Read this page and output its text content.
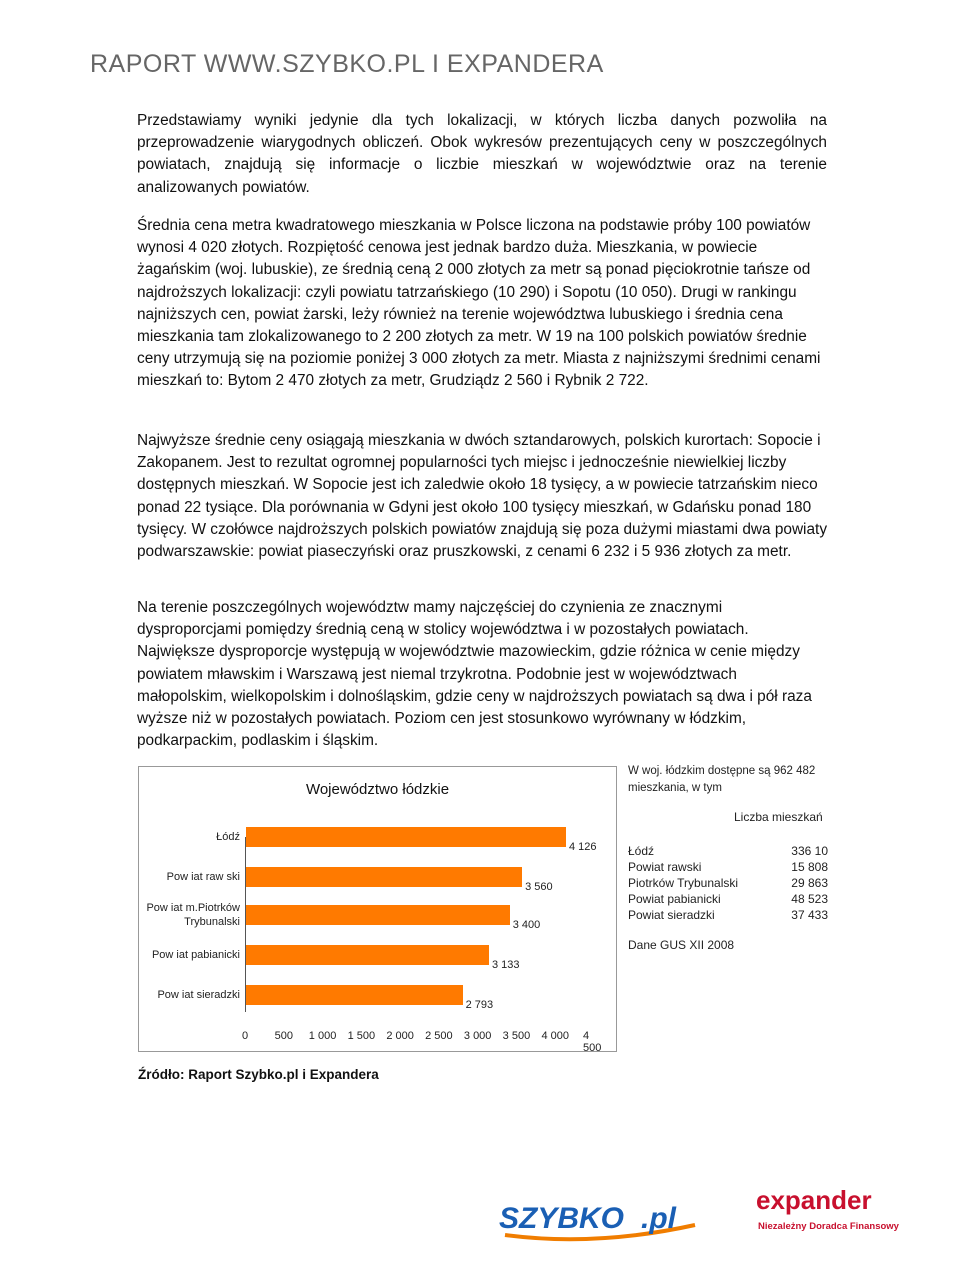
RAPORT WWW.SZYBKO.PL I EXPANDERA

Przedstawiamy wyniki jedynie dla tych lokalizacji, w których liczba danych pozwoliła na przeprowadzenie wiarygodnych obliczeń. Obok wykresów prezentujących ceny w poszczególnych powiatach, znajdują się informacje o liczbie mieszkań w województwie oraz na terenie analizowanych powiatów.

Średnia cena metra kwadratowego mieszkania w Polsce liczona na podstawie próby 100 powiatów wynosi 4 020 złotych. Rozpiętość cenowa jest jednak bardzo duża. Mieszkania, w powiecie żagańskim (woj. lubuskie), ze średnią ceną 2 000 złotych za metr są ponad pięciokrotnie tańsze od najdroższych lokalizacji: czyli powiatu tatrzańskiego (10 290) i Sopotu (10 050). Drugi w rankingu najniższych cen, powiat żarski, leży również na terenie województwa lubuskiego i średnia cena mieszkania tam zlokalizowanego to 2 200 złotych za metr. W 19 na 100 polskich powiatów średnie ceny utrzymują się na poziomie poniżej 3 000 złotych za metr. Miasta z najniższymi średnimi cenami mieszkań to: Bytom 2 470 złotych za metr, Grudziądz 2 560 i Rybnik 2 722.

Najwyższe średnie ceny osiągają mieszkania w dwóch sztandarowych, polskich kurortach: Sopocie i Zakopanem. Jest to rezultat ogromnej popularności tych miejsc i jednocześnie niewielkiej liczby dostępnych mieszkań. W Sopocie jest ich zaledwie około 18 tysięcy, a w powiecie tatrzańskim nieco ponad 22 tysiące. Dla porównania w Gdyni jest około 100 tysięcy mieszkań, w Gdańsku ponad 180 tysięcy. W czołówce najdroższych polskich powiatów znajdują się poza dużymi miastami dwa powiaty podwarszawskie: powiat piaseczyński oraz pruszkowski, z cenami 6 232 i 5 936 złotych za metr.

Na terenie poszczególnych województw mamy najczęściej do czynienia ze znacznymi dysproporcjami pomiędzy średnią ceną w stolicy województwa i w pozostałych powiatach. Największe dysproporcje występują w województwie mazowieckim, gdzie różnica w cenie między powiatem mławskim i Warszawą jest niemal trzykrotna. Podobnie jest w województwach małopolskim, wielkopolskim i dolnośląskim, gdzie ceny w najdroższych powiatach są dwa i pół raza wyższe niż w pozostałych powiatach. Poziom cen jest stosunkowo wyrównany w łódzkim, podkarpackim, podlaskim i śląskim.

Województwo łódzkie
Łódź
4 126
Pow iat raw ski
3 560
Pow iat m.Piotrków Trybunalski	3 400
Pow iat pabianicki
3 133
Pow iat sieradzki
2 793
0 500 1 000 1 500 2 000 2 500 3 000 3 500 4 000 4 500
W woj. łódzkim dostępne są 962 482 mieszkania, w tym
Liczba mieszkań
Łódź	336 10
Powiat rawski	15 808
Piotrków Trybunalski	29 863
Powiat pabianicki	48 523
Powiat sieradzki	37 433
Dane GUS XII 2008
Źródło: Raport Szybko.pl i Expandera
SZYBKO .pl
expander
Niezależny Doradca Finansowy
